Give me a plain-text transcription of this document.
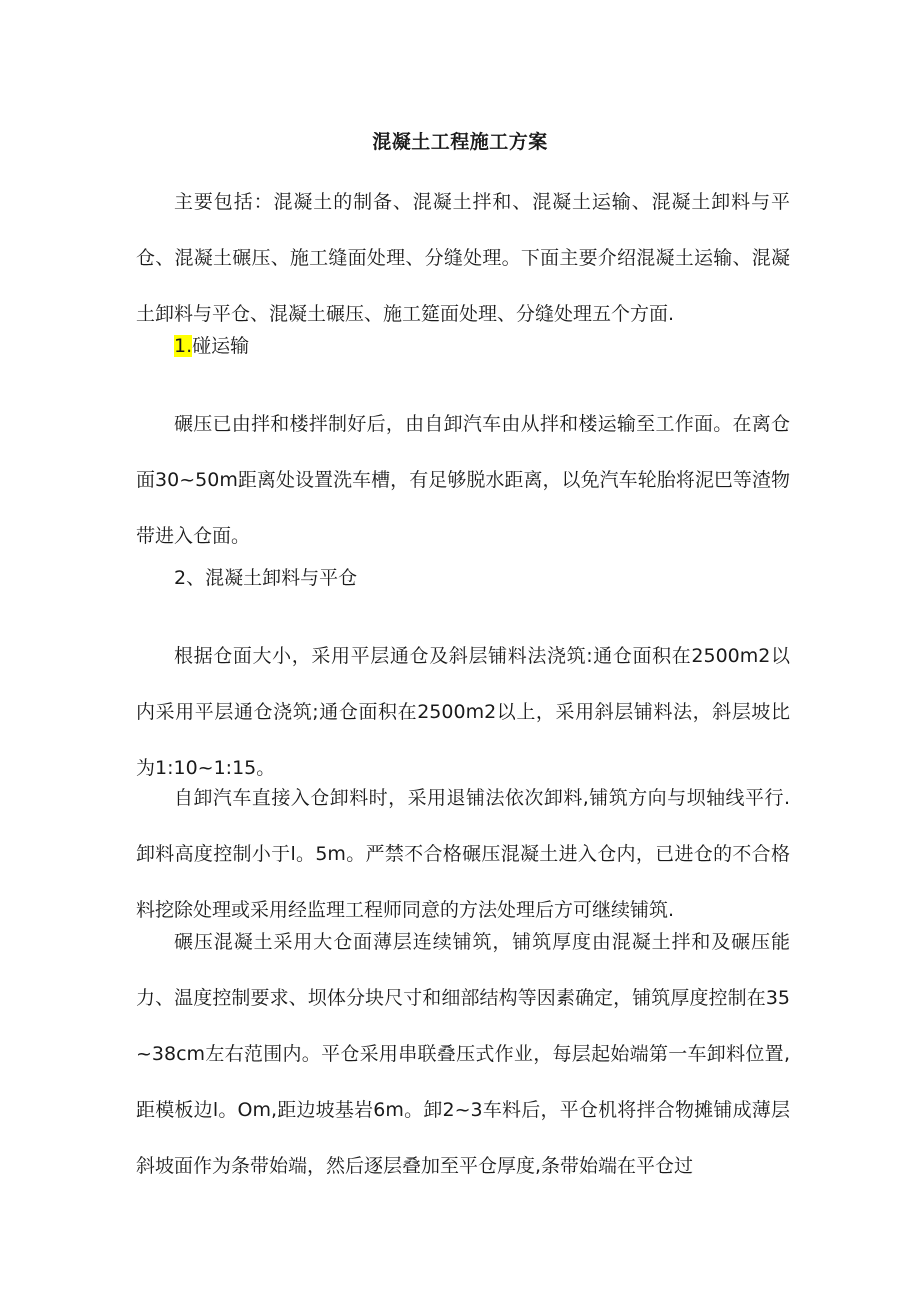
混凝土工程施工方案

主要包括：混凝土的制备、混凝土拌和、混凝土运输、混凝土卸料与平仓、混凝土碾压、施工缝面处理、分缝处理。下面主要介绍混凝土运输、混凝土卸料与平仓、混凝土碾压、施工筵面处理、分缝处理五个方面.

1.碰运输

碾压已由拌和楼拌制好后，由自卸汽车由从拌和楼运输至工作面。在离仓面30~50m距离处设置洗车槽，有足够脱水距离，以免汽车轮胎将泥巴等渣物带进入仓面。

2、混凝土卸料与平仓

根据仓面大小，采用平层通仓及斜层铺料法浇筑:通仓面积在2500m2以内采用平层通仓浇筑;通仓面积在2500m2以上，采用斜层铺料法，斜层坡比为1:10~1:15。

自卸汽车直接入仓卸料时，采用退铺法依次卸料,铺筑方向与坝轴线平行.卸料高度控制小于l。5m。严禁不合格碾压混凝土进入仓内，已进仓的不合格料挖除处理或采用经监理工程师同意的方法处理后方可继续铺筑.

碾压混凝土采用大仓面薄层连续铺筑，铺筑厚度由混凝土拌和及碾压能力、温度控制要求、坝体分块尺寸和细部结构等因素确定，铺筑厚度控制在35~38cm左右范围内。平仓采用串联叠压式作业，每层起始端第一车卸料位置,距模板边l。Om,距边坡基岩6m。卸2~3车料后，平仓机将拌合物摊铺成薄层斜坡面作为条带始端，然后逐层叠加至平仓厚度,条带始端在平仓过
